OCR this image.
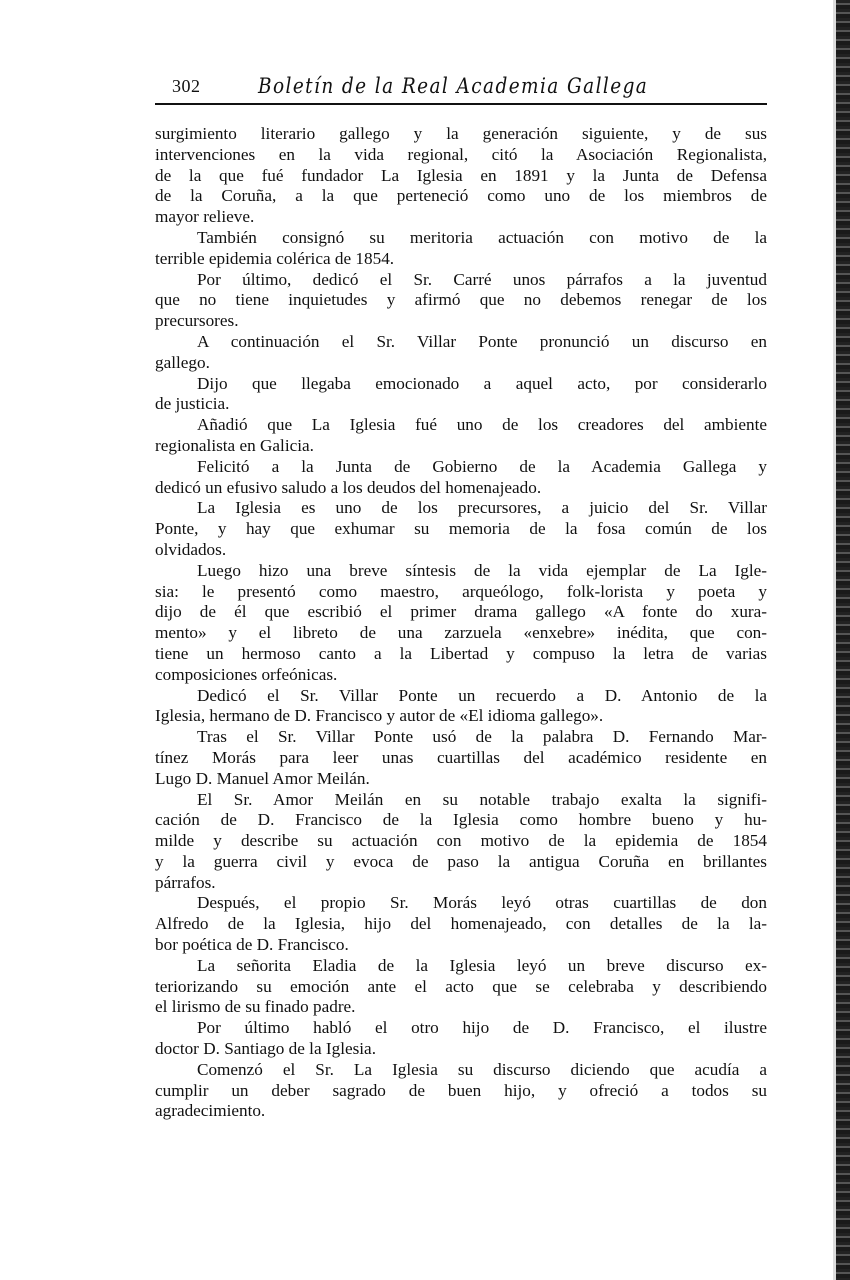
302	Boletín de la Real Academia Gallega
surgimiento literario gallego y la generación siguiente, y de sus
intervenciones en la vida regional, citó la Asociación Regionalista,
de la que fué fundador La Iglesia en 1891 y la Junta de Defensa
de la Coruña, a la que perteneció como uno de los miembros de
mayor relieve.
También consignó su meritoria actuación con motivo de la
terrible epidemia colérica de 1854.
Por último, dedicó el Sr. Carré unos párrafos a la juventud
que no tiene inquietudes y afirmó que no debemos renegar de los
precursores.
A continuación el Sr. Villar Ponte pronunció un discurso en
gallego.
Dijo que llegaba emocionado a aquel acto, por considerarlo
de justicia.
Añadió que La Iglesia fué uno de los creadores del ambiente
regionalista en Galicia.
Felicitó a la Junta de Gobierno de la Academia Gallega y
dedicó un efusivo saludo a los deudos del homenajeado.
La Iglesia es uno de los precursores, a juicio del Sr. Villar
Ponte, y hay que exhumar su memoria de la fosa común de los
olvidados.
Luego hizo una breve síntesis de la vida ejemplar de La Igle-
sia: le presentó como maestro, arqueólogo, folk-lorista y poeta y
dijo de él que escribió el primer drama gallego «A fonte do xura-
mento» y el libreto de una zarzuela «enxebre» inédita, que con-
tiene un hermoso canto a la Libertad y compuso la letra de varias
composiciones orfeónicas.
Dedicó el Sr. Villar Ponte un recuerdo a D. Antonio de la
Iglesia, hermano de D. Francisco y autor de «El idioma gallego».
Tras el Sr. Villar Ponte usó de la palabra D. Fernando Mar-
tínez Morás para leer unas cuartillas del académico residente en
Lugo D. Manuel Amor Meilán.
El Sr. Amor Meilán en su notable trabajo exalta la signifi-
cación de D. Francisco de la Iglesia como hombre bueno y hu-
milde y describe su actuación con motivo de la epidemia de 1854
y la guerra civil y evoca de paso la antigua Coruña en brillantes
párrafos.
Después, el propio Sr. Morás leyó otras cuartillas de don
Alfredo de la Iglesia, hijo del homenajeado, con detalles de la la-
bor poética de D. Francisco.
La señorita Eladia de la Iglesia leyó un breve discurso ex-
teriorizando su emoción ante el acto que se celebraba y describiendo
el lirismo de su finado padre.
Por último habló el otro hijo de D. Francisco, el ilustre
doctor D. Santiago de la Iglesia.
Comenzó el Sr. La Iglesia su discurso diciendo que acudía a
cumplir un deber sagrado de buen hijo, y ofreció a todos su
agradecimiento.
